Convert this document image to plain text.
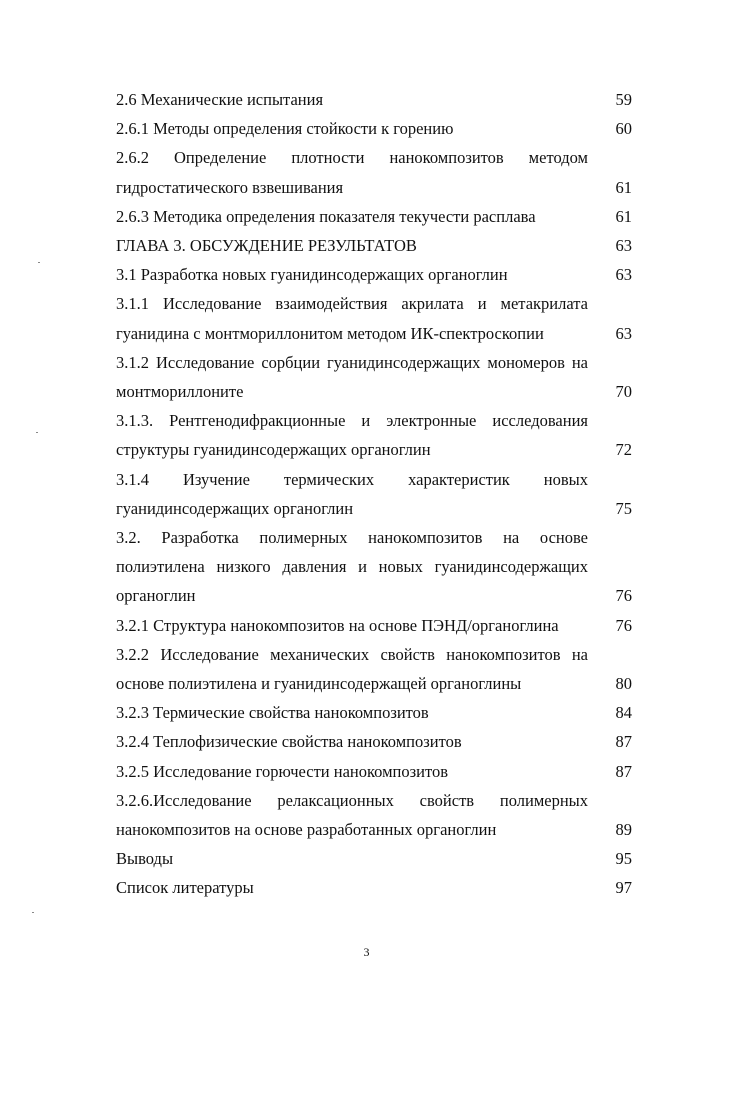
2.6 Механические испытания	59
2.6.1 Методы определения стойкости к горению	60
2.6.2 Определение плотности нанокомпозитов методом
гидростатического взвешивания	61
2.6.3 Методика определения показателя текучести расплава	61
ГЛАВА 3. ОБСУЖДЕНИЕ РЕЗУЛЬТАТОВ	63
3.1 Разработка новых гуанидинсодержащих органоглин	63
3.1.1 Исследование взаимодействия акрилата и метакрилата
гуанидина с монтмориллонитом методом ИК-спектроскопии	63
3.1.2 Исследование сорбции гуанидинсодержащих мономеров на
монтмориллоните	70
3.1.3. Рентгенодифракционные и электронные исследования
структуры гуанидинсодержащих органоглин	72
3.1.4 Изучение термических характеристик новых
гуанидинсодержащих органоглин	75
3.2. Разработка полимерных нанокомпозитов на основе
полиэтилена низкого давления и новых гуанидинсодержащих
органоглин	76
3.2.1 Структура нанокомпозитов на основе ПЭНД/органоглина	76
3.2.2 Исследование механических свойств нанокомпозитов на
основе полиэтилена и гуанидинсодержащей органоглины	80
3.2.3 Термические свойства нанокомпозитов	84
3.2.4 Теплофизические свойства нанокомпозитов	87
3.2.5 Исследование горючести нанокомпозитов	87
3.2.6.Исследование релаксационных свойств полимерных
нанокомпозитов на основе разработанных органоглин	89
Выводы	95
Список литературы	97
3
